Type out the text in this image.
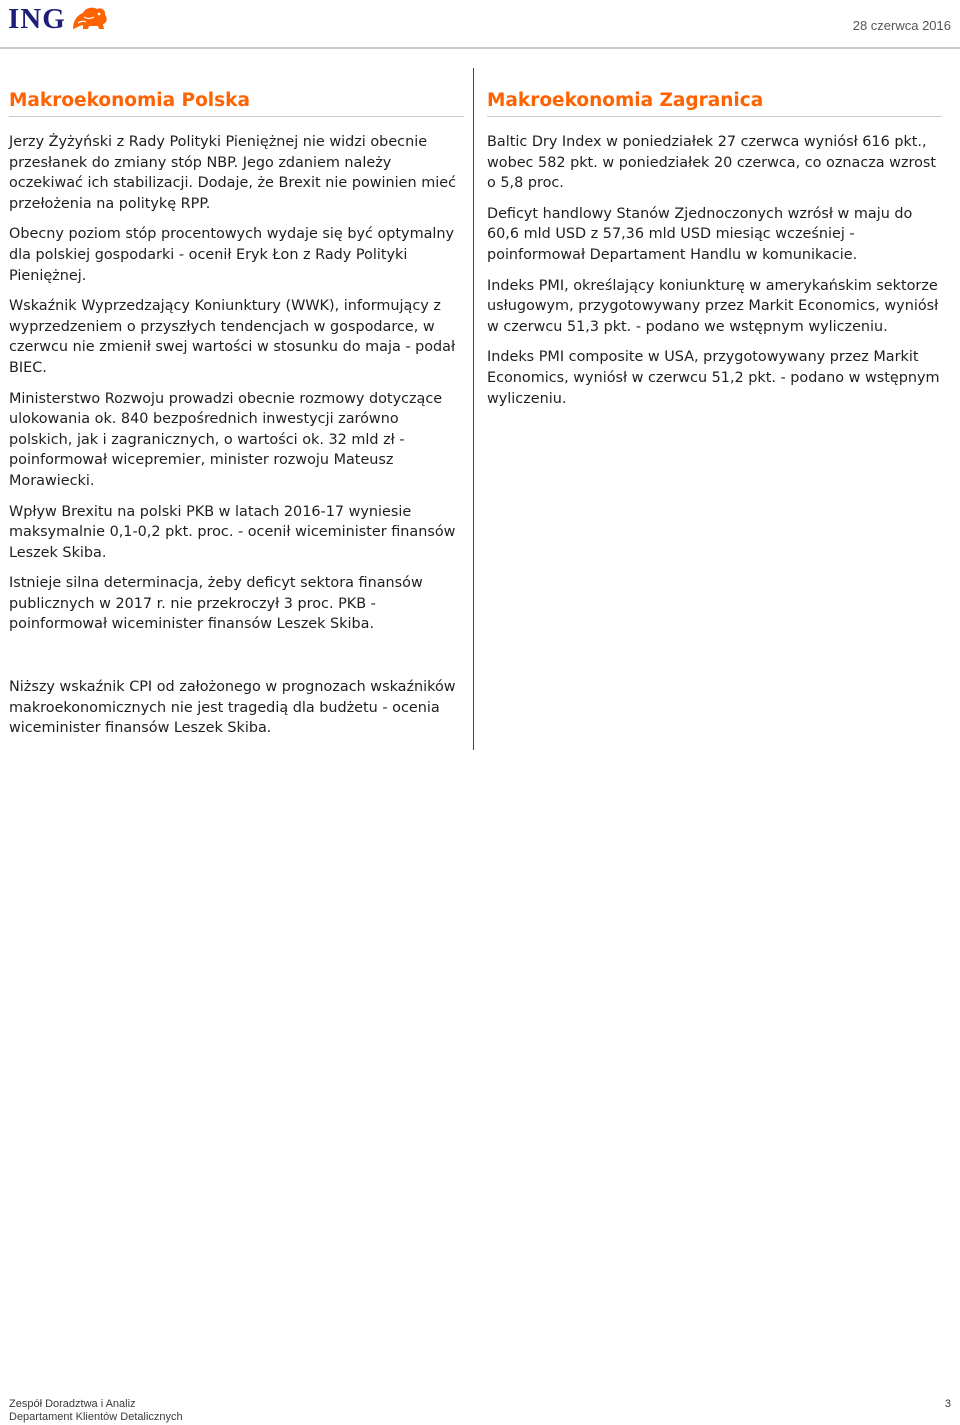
ING	28 czerwca 2016
Makroekonomia Polska

Jerzy Żyżyński z Rady Polityki Pieniężnej nie widzi obecnie przesłanek do zmiany stóp NBP. Jego zdaniem należy oczekiwać ich stabilizacji. Dodaje, że Brexit nie powinien mieć przełożenia na politykę RPP.

Obecny poziom stóp procentowych wydaje się być optymalny dla polskiej gospodarki - ocenił Eryk Łon z Rady Polityki Pieniężnej.

Wskaźnik Wyprzedzający Koniunktury (WWK), informujący z wyprzedzeniem o przyszłych tendencjach w gospodarce, w czerwcu nie zmienił swej wartości w stosunku do maja - podał BIEC.

Ministerstwo Rozwoju prowadzi obecnie rozmowy dotyczące ulokowania ok. 840 bezpośrednich inwestycji zarówno polskich, jak i zagranicznych, o wartości ok. 32 mld zł - poinformował wicepremier, minister rozwoju Mateusz Morawiecki.

Wpływ Brexitu na polski PKB w latach 2016-17 wyniesie maksymalnie 0,1-0,2 pkt. proc. - ocenił wiceminister finansów Leszek Skiba.

Istnieje silna determinacja, żeby deficyt sektora finansów publicznych w 2017 r. nie przekroczył 3 proc. PKB - poinformował wiceminister finansów Leszek Skiba.

Niższy wskaźnik CPI od założonego w prognozach wskaźników makroekonomicznych nie jest tragedią dla budżetu - ocenia wiceminister finansów Leszek Skiba.

Makroekonomia Zagranica

Baltic Dry Index w poniedziałek 27 czerwca wyniósł 616 pkt., wobec 582 pkt. w poniedziałek 20 czerwca, co oznacza wzrost o 5,8 proc.

Deficyt handlowy Stanów Zjednoczonych wzrósł w maju do 60,6 mld USD z 57,36 mld USD miesiąc wcześniej - poinformował Departament Handlu w komunikacie.

Indeks PMI, określający koniunkturę w amerykańskim sektorze usługowym, przygotowywany przez Markit Economics, wyniósł w czerwcu 51,3 pkt. - podano we wstępnym wyliczeniu.

Indeks PMI composite w USA, przygotowywany przez Markit Economics, wyniósł w czerwcu 51,2 pkt. - podano w wstępnym wyliczeniu.

Zespół Doradztwa i Analiz
Departament Klientów Detalicznych
3
